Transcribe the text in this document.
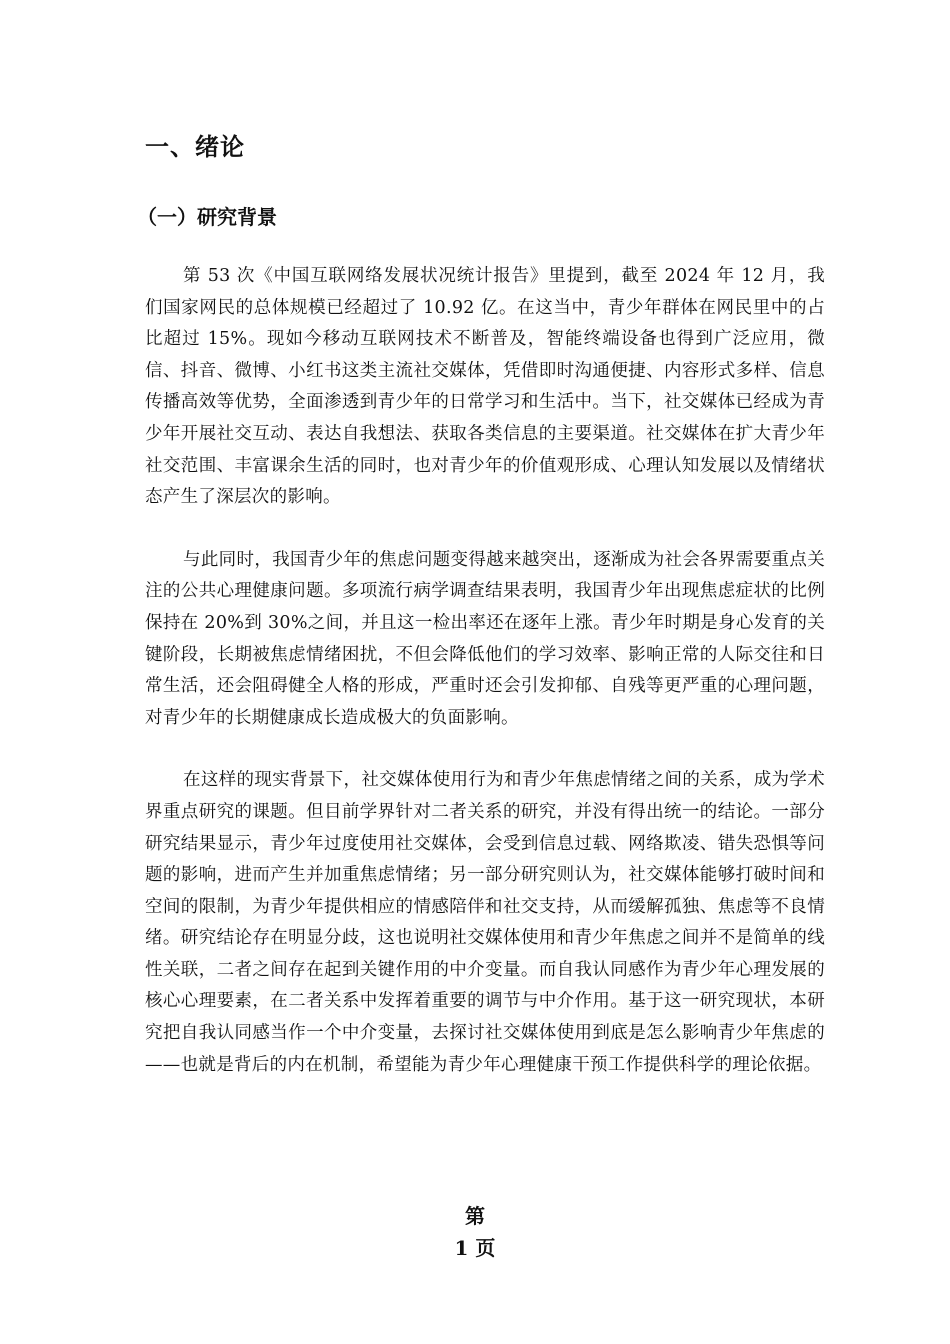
一、绪论
（一）研究背景

第 53 次《中国互联网络发展状况统计报告》里提到，截至 2024 年 12 月，我们国家网民的总体规模已经超过了 10.92 亿。在这当中，青少年群体在网民里中的占比超过 15%。现如今移动互联网技术不断普及，智能终端设备也得到广泛应用，微信、抖音、微博、小红书这类主流社交媒体，凭借即时沟通便捷、内容形式多样、信息传播高效等优势，全面渗透到青少年的日常学习和生活中。当下，社交媒体已经成为青少年开展社交互动、表达自我想法、获取各类信息的主要渠道。社交媒体在扩大青少年社交范围、丰富课余生活的同时，也对青少年的价值观形成、心理认知发展以及情绪状态产生了深层次的影响。

与此同时，我国青少年的焦虑问题变得越来越突出，逐渐成为社会各界需要重点关注的公共心理健康问题。多项流行病学调查结果表明，我国青少年出现焦虑症状的比例保持在 20%到 30%之间，并且这一检出率还在逐年上涨。青少年时期是身心发育的关键阶段，长期被焦虑情绪困扰，不但会降低他们的学习效率、影响正常的人际交往和日常生活，还会阻碍健全人格的形成，严重时还会引发抑郁、自残等更严重的心理问题，对青少年的长期健康成长造成极大的负面影响。

在这样的现实背景下，社交媒体使用行为和青少年焦虑情绪之间的关系，成为学术界重点研究的课题。但目前学界针对二者关系的研究，并没有得出统一的结论。一部分研究结果显示，青少年过度使用社交媒体，会受到信息过载、网络欺凌、错失恐惧等问题的影响，进而产生并加重焦虑情绪；另一部分研究则认为，社交媒体能够打破时间和空间的限制，为青少年提供相应的情感陪伴和社交支持，从而缓解孤独、焦虑等不良情绪。研究结论存在明显分歧，这也说明社交媒体使用和青少年焦虑之间并不是简单的线性关联，二者之间存在起到关键作用的中介变量。而自我认同感作为青少年心理发展的核心心理要素，在二者关系中发挥着重要的调节与中介作用。基于这一研究现状，本研究把自我认同感当作一个中介变量，去探讨社交媒体使用到底是怎么影响青少年焦虑的——也就是背后的内在机制，希望能为青少年心理健康干预工作提供科学的理论依据。

第
1 页
